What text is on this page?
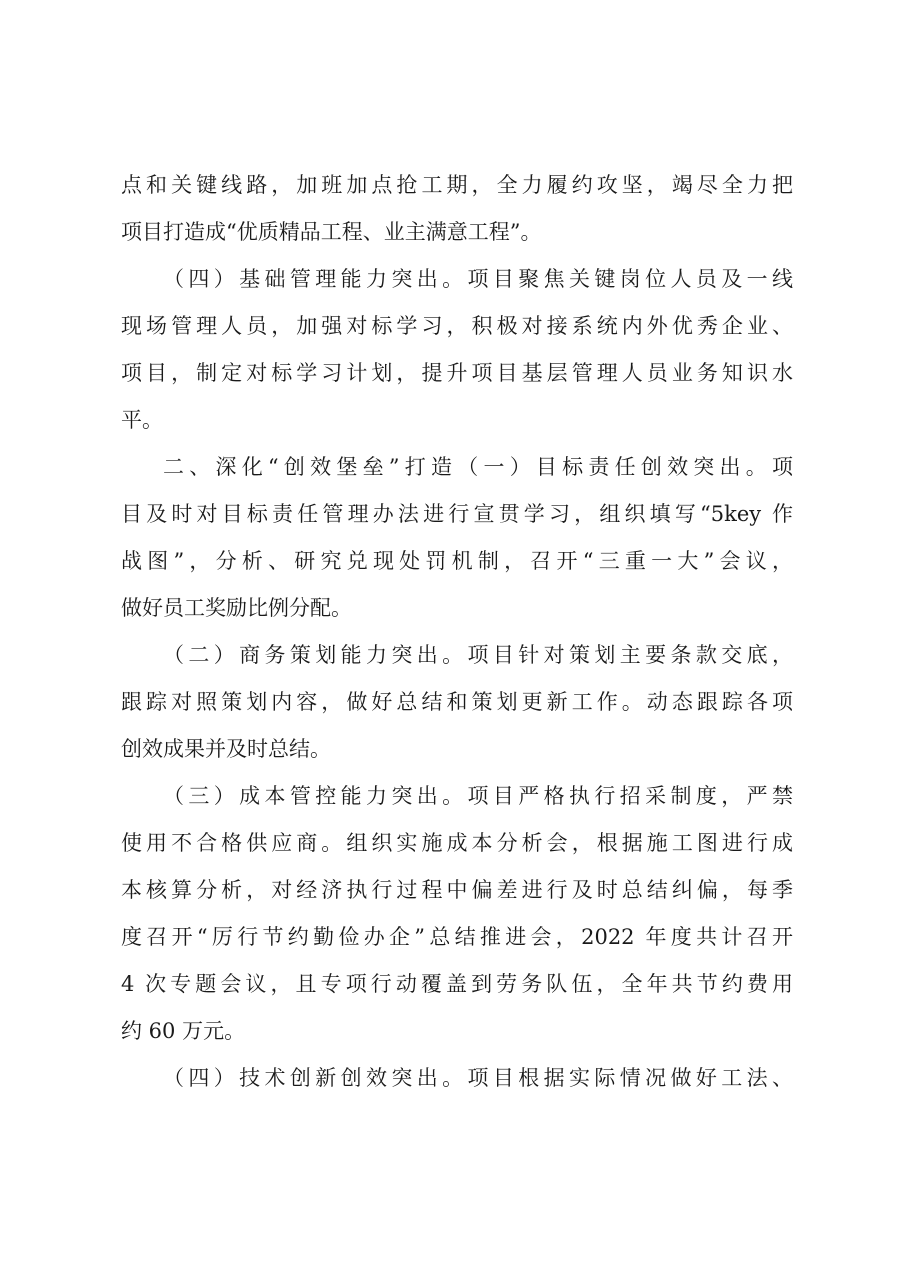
点和关键线路，加班加点抢工期，全力履约攻坚，竭尽全力把
项目打造成“优质精品工程、业主满意工程”。
（四）基础管理能力突出。项目聚焦关键岗位人员及一线
现场管理人员，加强对标学习，积极对接系统内外优秀企业、
项目，制定对标学习计划，提升项目基层管理人员业务知识水
平。
二、深化“创效堡垒”打造（一）目标责任创效突出。项
目及时对目标责任管理办法进行宣贯学习，组织填写“5key 作
战图”，分析、研究兑现处罚机制，召开“三重一大”会议，
做好员工奖励比例分配。
（二）商务策划能力突出。项目针对策划主要条款交底，
跟踪对照策划内容，做好总结和策划更新工作。动态跟踪各项
创效成果并及时总结。
（三）成本管控能力突出。项目严格执行招采制度，严禁
使用不合格供应商。组织实施成本分析会，根据施工图进行成
本核算分析，对经济执行过程中偏差进行及时总结纠偏，每季
度召开“厉行节约勤俭办企”总结推进会，2022 年度共计召开
4 次专题会议，且专项行动覆盖到劳务队伍，全年共节约费用
约 60 万元。
（四）技术创新创效突出。项目根据实际情况做好工法、
